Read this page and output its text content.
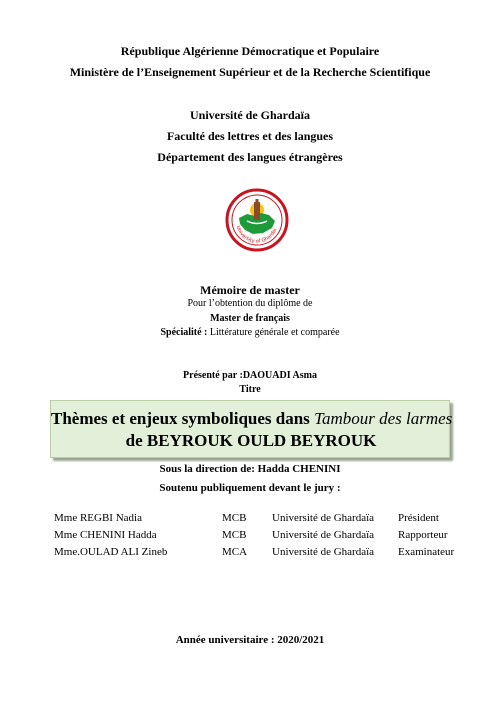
République Algérienne Démocratique et Populaire
Ministère de l’Enseignement Supérieur et de la Recherche Scientifique
Université de Ghardaïa
Faculté des lettres et des langues
Département des langues étrangères
University of Ghardai
Mémoire de master
Pour l’obtention du diplôme de
Master de français
Spécialité : Littérature générale et comparée
Présenté par :DAOUADI Asma
Titre
Thèmes et enjeux symboliques dans Tambour des larmes
de BEYROUK OULD BEYROUK
Sous la direction de: Hadda CHENINI
Soutenu publiquement devant le jury :
Mme REGBI Nadia	MCB Université de Ghardaïa Président
Mme CHENINI Hadda	MCB Université de Ghardaïa Rapporteur
Mme.OULAD ALI Zineb	MCA Université de Ghardaïa Examinateur
Année universitaire : 2020/2021
